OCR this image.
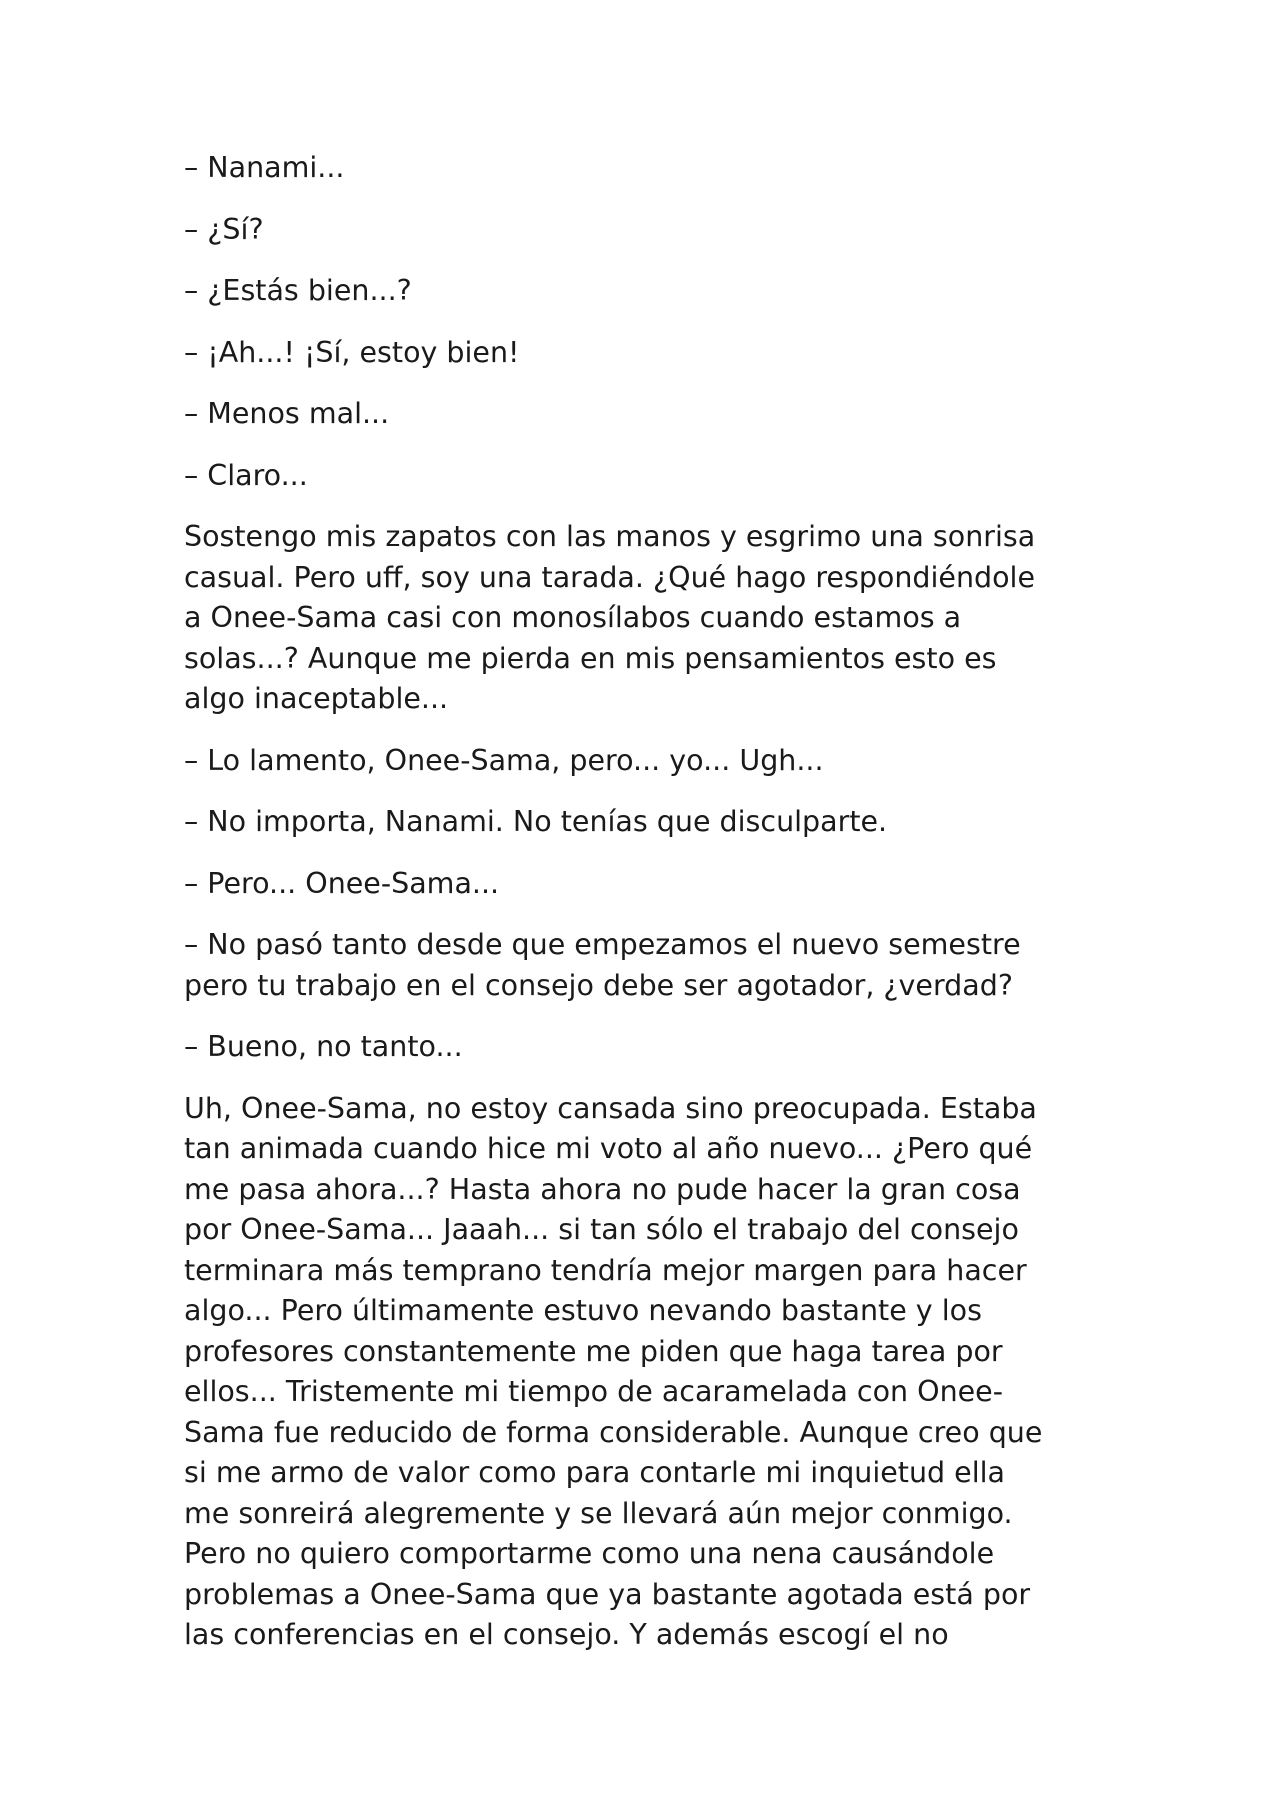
– Nanami...

– ¿Sí?

– ¿Estás bien...?

– ¡Ah...! ¡Sí, estoy bien!

– Menos mal...

– Claro...

Sostengo mis zapatos con las manos y esgrimo una sonrisa
casual. Pero uff, soy una tarada. ¿Qué hago respondiéndole
a Onee-Sama casi con monosílabos cuando estamos a
solas...? Aunque me pierda en mis pensamientos esto es
algo inaceptable...

– Lo lamento, Onee-Sama, pero... yo... Ugh...

– No importa, Nanami. No tenías que disculparte.

– Pero... Onee-Sama...

– No pasó tanto desde que empezamos el nuevo semestre
pero tu trabajo en el consejo debe ser agotador, ¿verdad?

– Bueno, no tanto...

Uh, Onee-Sama, no estoy cansada sino preocupada. Estaba
tan animada cuando hice mi voto al año nuevo... ¿Pero qué
me pasa ahora...? Hasta ahora no pude hacer la gran cosa
por Onee-Sama... Jaaah... si tan sólo el trabajo del consejo
terminara más temprano tendría mejor margen para hacer
algo... Pero últimamente estuvo nevando bastante y los
profesores constantemente me piden que haga tarea por
ellos... Tristemente mi tiempo de acaramelada con Onee-
Sama fue reducido de forma considerable. Aunque creo que
si me armo de valor como para contarle mi inquietud ella
me sonreirá alegremente y se llevará aún mejor conmigo.
Pero no quiero comportarme como una nena causándole
problemas a Onee-Sama que ya bastante agotada está por
las conferencias en el consejo. Y además escogí el no
